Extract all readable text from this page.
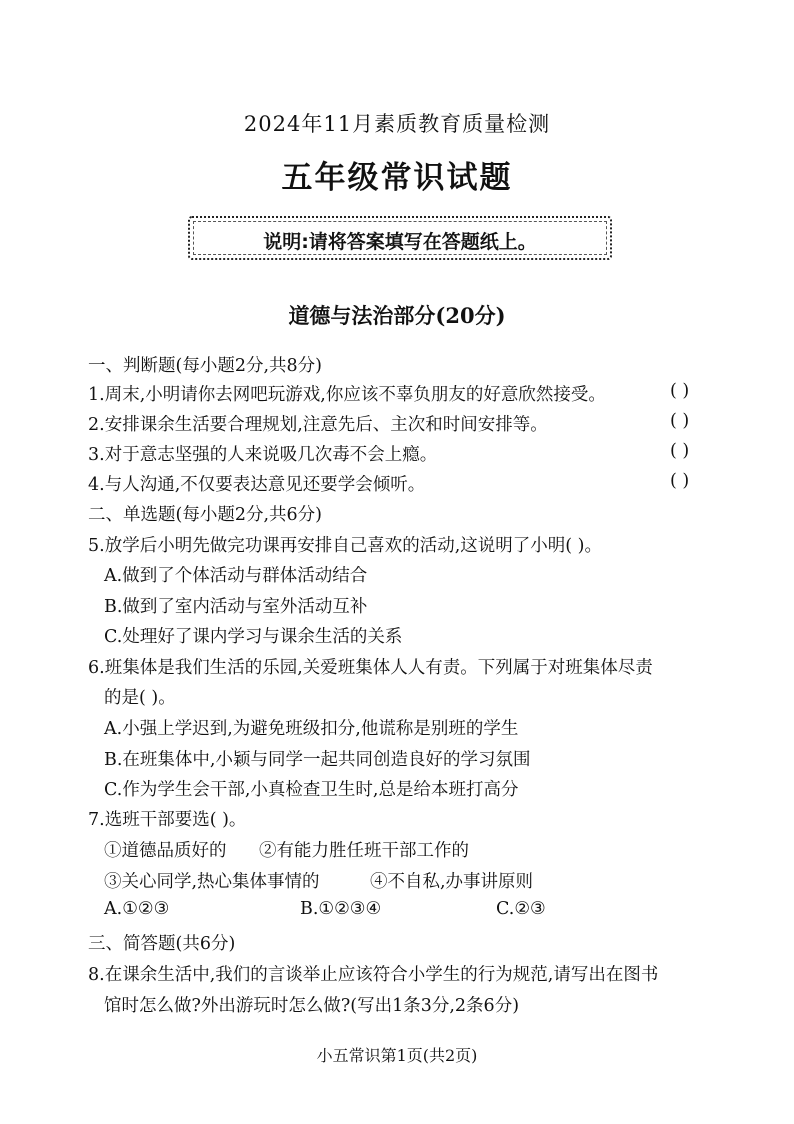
2024年11月素质教育质量检测
五年级常识试题
说明:请将答案填写在答题纸上。
道德与法治部分(20分)
一、判断题(每小题2分,共8分)
1.周末,小明请你去网吧玩游戏,你应该不辜负朋友的好意欣然接受。	( )
2.安排课余生活要合理规划,注意先后、主次和时间安排等。	( )
3.对于意志坚强的人来说吸几次毒不会上瘾。	( )
4.与人沟通,不仅要表达意见还要学会倾听。	( )
二、单选题(每小题2分,共6分)
5.放学后小明先做完功课再安排自己喜欢的活动,这说明了小明( )。
A.做到了个体活动与群体活动结合
B.做到了室内活动与室外活动互补
C.处理好了课内学习与课余生活的关系
6.班集体是我们生活的乐园,关爱班集体人人有责。下列属于对班集体尽责
的是( )。
A.小强上学迟到,为避免班级扣分,他谎称是别班的学生
B.在班集体中,小颖与同学一起共同创造良好的学习氛围
C.作为学生会干部,小真检查卫生时,总是给本班打高分
7.选班干部要选( )。
①道德品质好的 ②有能力胜任班干部工作的
③关心同学,热心集体事情的	④不自私,办事讲原则
A.①②③	B.①②③④	C.②③
三、简答题(共6分)
8.在课余生活中,我们的言谈举止应该符合小学生的行为规范,请写出在图书
馆时怎么做?外出游玩时怎么做?(写出1条3分,2条6分)
小五常识第1页(共2页)
